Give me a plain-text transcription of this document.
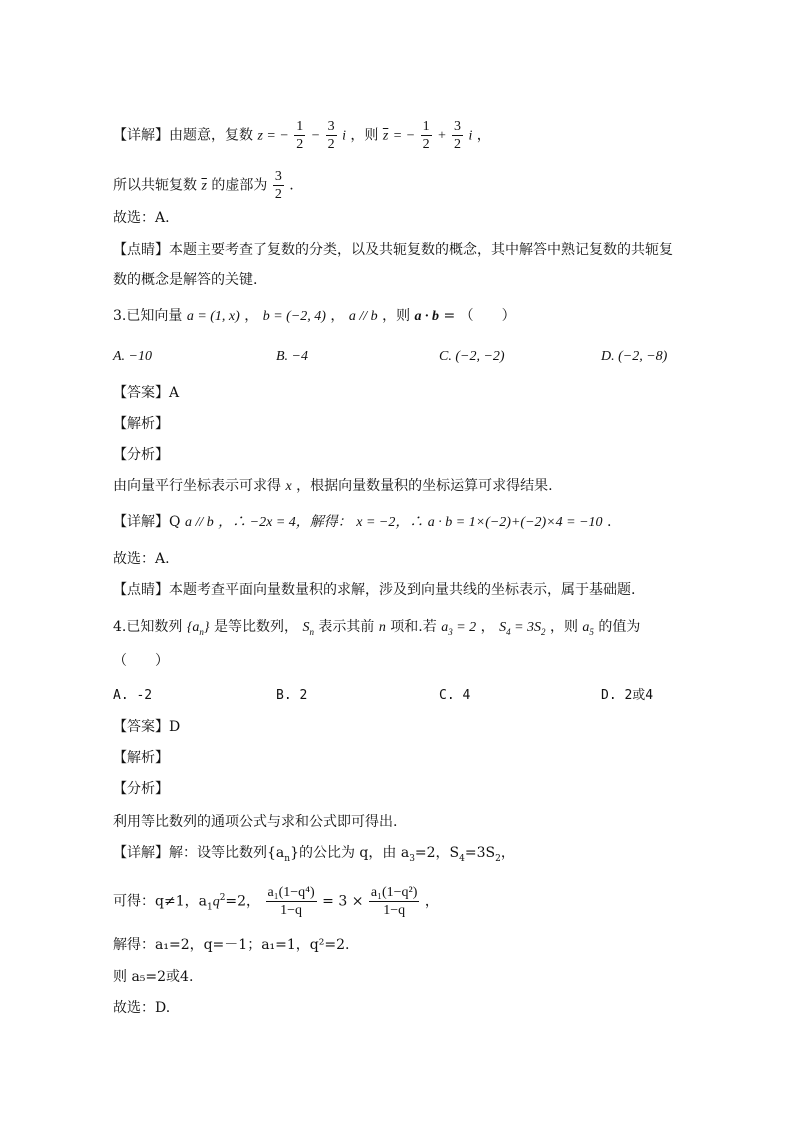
【详解】由题意，复数 z = − $\frac{1}{2} - \frac{3}{2}$ i ，则 $\overline{z}$ = − $\frac{1}{2} + \frac{3}{2}$ i ，
所以共轭复数 $\overline{z}$ 的虚部为 $\frac{3}{2}$ .
故选：A.
【点睛】本题主要考查了复数的分类，以及共轭复数的概念，其中解答中熟记复数的共轭复
数的概念是解答的关键.
3.已知向量 a = (1, x) ， b = (−2, 4) ， a // b ，则 a · b = （　　）
A. −10	B. −4	C. (−2, −2)	D. (−2, −8)
【答案】A
【解析】
【分析】
由向量平行坐标表示可求得 x ，根据向量数量积的坐标运算可求得结果.
【详解】Q a // b ，∴ −2x = 4，解得： x = −2，∴ a · b = 1×(−2)+(−2)×4 = −10 .
故选：A.
【点睛】本题考查平面向量数量积的求解，涉及到向量共线的坐标表示，属于基础题.
4.已知数列 $\{a_n\}$ 是等比数列， $S_n$ 表示其前 n 项和.若 $a_3 = 2$ ， $S_4 = 3S_2$ ，则 $a_5$ 的值为
（　　）
A. -2	B. 2	C. 4	D. 2或4
【答案】D
【解析】
【分析】
利用等比数列的通项公式与求和公式即可得出.
【详解】解：设等比数列$\{a_n\}$的公比为 q，由 $a_3=2$，$S_4=3S_2$，
可得：q≠1，$a_1q^2=2$， $\frac{\text{a₁(1−q⁴)}}{1-q} = 3 \times \frac{\text{a₁(1−q²)}}{1-q}$ ，
解得：a₁=2，q=－1；a₁=1，q²=2.
则 a₅=2或4.
故选：D.
